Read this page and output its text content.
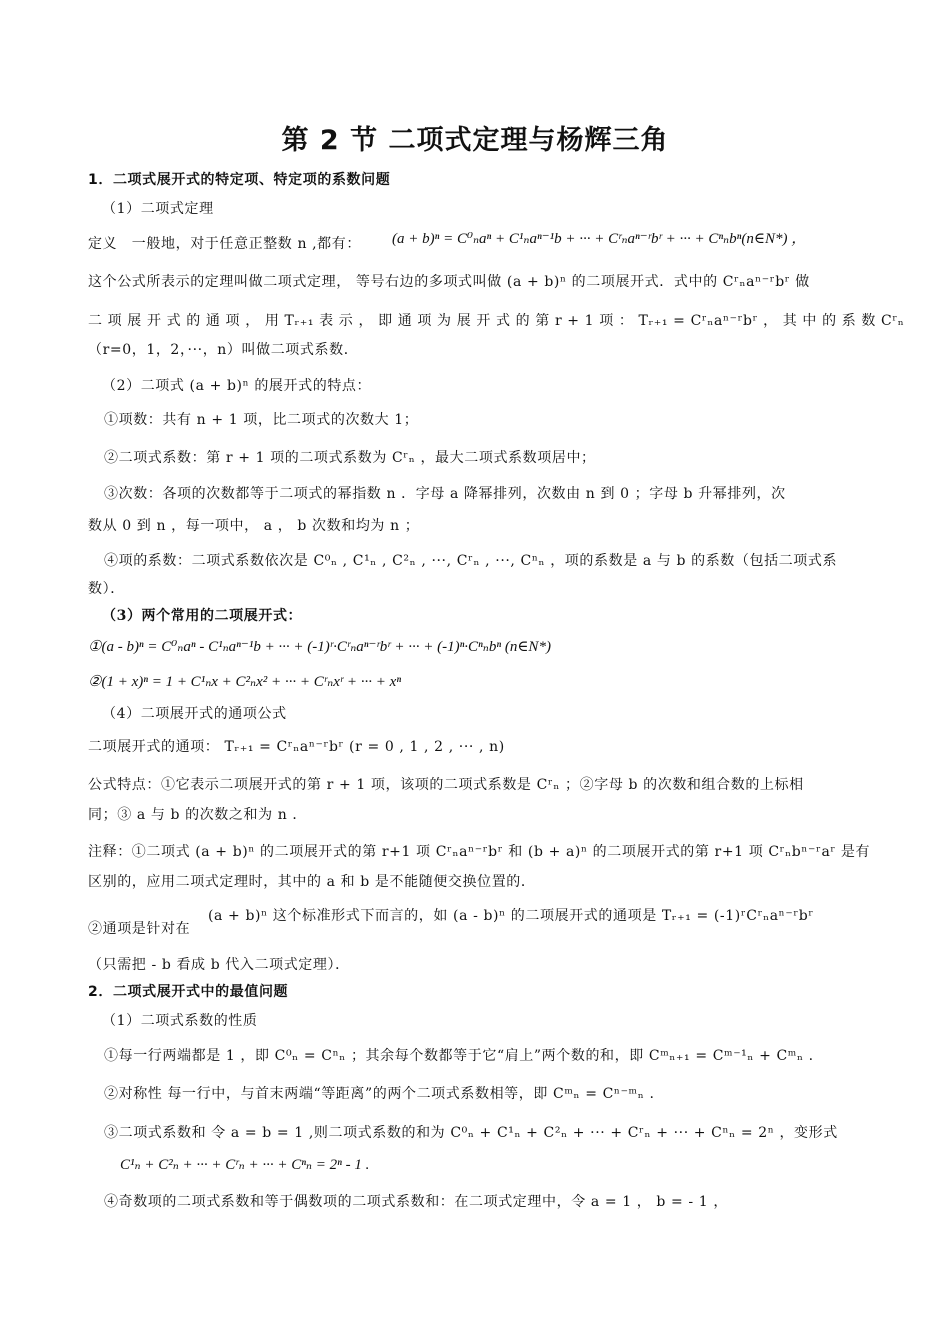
第 2 节 二项式定理与杨辉三角
1．二项式展开式的特定项、特定项的系数问题
（1）二项式定理
定义　一般地，对于任意正整数 n ,都有： (a + b)ⁿ = C⁰ₙaⁿ + C¹ₙaⁿ⁻¹b + ··· + Cʳₙaⁿ⁻ʳbʳ + ··· + Cⁿₙbⁿ(n∈N*) ，
这个公式所表示的定理叫做二项式定理， 等号右边的多项式叫做 (a + b)ⁿ 的二项展开式．式中的 Cʳₙaⁿ⁻ʳbʳ 做
二 项 展 开 式 的 通 项 ， 用 Tᵣ₊₁ 表 示 ， 即 通 项 为 展 开 式 的 第 r + 1 项 ： Tᵣ₊₁ = Cʳₙaⁿ⁻ʳbʳ ， 其 中 的 系 数 Cʳₙ
（r=0，1，2，···，n）叫做二项式系数．
（2）二项式 (a + b)ⁿ 的展开式的特点：
①项数：共有 n + 1 项，比二项式的次数大 1；
②二项式系数：第 r + 1 项的二项式系数为 Cʳₙ ，最大二项式系数项居中；
③次数：各项的次数都等于二项式的幂指数 n ．字母 a 降幂排列，次数由 n 到 0 ；字母 b 升幂排列，次
数从 0 到 n ，每一项中， a ， b 次数和均为 n ；
④项的系数：二项式系数依次是 C⁰ₙ , C¹ₙ , C²ₙ , ···, Cʳₙ , ···, Cⁿₙ ，项的系数是 a 与 b 的系数（包括二项式系
数）．
（3）两个常用的二项展开式：
①(a - b)ⁿ = C⁰ₙaⁿ - C¹ₙaⁿ⁻¹b + ··· + (-1)ʳ·Cʳₙaⁿ⁻ʳbʳ + ··· + (-1)ⁿ·Cⁿₙbⁿ (n∈N*)
②(1 + x)ⁿ = 1 + C¹ₙx + C²ₙx² + ··· + Cʳₙxʳ + ··· + xⁿ
（4）二项展开式的通项公式
二项展开式的通项： Tᵣ₊₁ = Cʳₙaⁿ⁻ʳbʳ (r = 0 , 1 , 2 , ··· , n)
公式特点：①它表示二项展开式的第 r + 1 项，该项的二项式系数是 Cʳₙ ；②字母 b 的次数和组合数的上标相
同；③ a 与 b 的次数之和为 n ．
注释：①二项式 (a + b)ⁿ 的二项展开式的第 r+1 项 Cʳₙaⁿ⁻ʳbʳ 和 (b + a)ⁿ 的二项展开式的第 r+1 项 Cʳₙbⁿ⁻ʳaʳ 是有
区别的，应用二项式定理时，其中的 a 和 b 是不能随便交换位置的．
(a + b)ⁿ 这个标准形式下而言的，如 (a - b)ⁿ 的二项展开式的通项是 Tᵣ₊₁ = (-1)ʳCʳₙaⁿ⁻ʳbʳ
②通项是针对在
（只需把 - b 看成 b 代入二项式定理）．
2．二项式展开式中的最值问题
（1）二项式系数的性质
①每一行两端都是 1 ，即 C⁰ₙ = Cⁿₙ ；其余每个数都等于它“肩上”两个数的和，即 Cᵐₙ₊₁ = Cᵐ⁻¹ₙ + Cᵐₙ .
②对称性 每一行中，与首末两端“等距离”的两个二项式系数相等，即 Cᵐₙ = Cⁿ⁻ᵐₙ .
③二项式系数和 令 a = b = 1 ,则二项式系数的和为 C⁰ₙ + C¹ₙ + C²ₙ + ··· + Cʳₙ + ··· + Cⁿₙ = 2ⁿ ，变形式
C¹ₙ + C²ₙ + ··· + Cʳₙ + ··· + Cⁿₙ = 2ⁿ - 1 .
④奇数项的二项式系数和等于偶数项的二项式系数和：在二项式定理中，令 a = 1 ， b = - 1 ，
